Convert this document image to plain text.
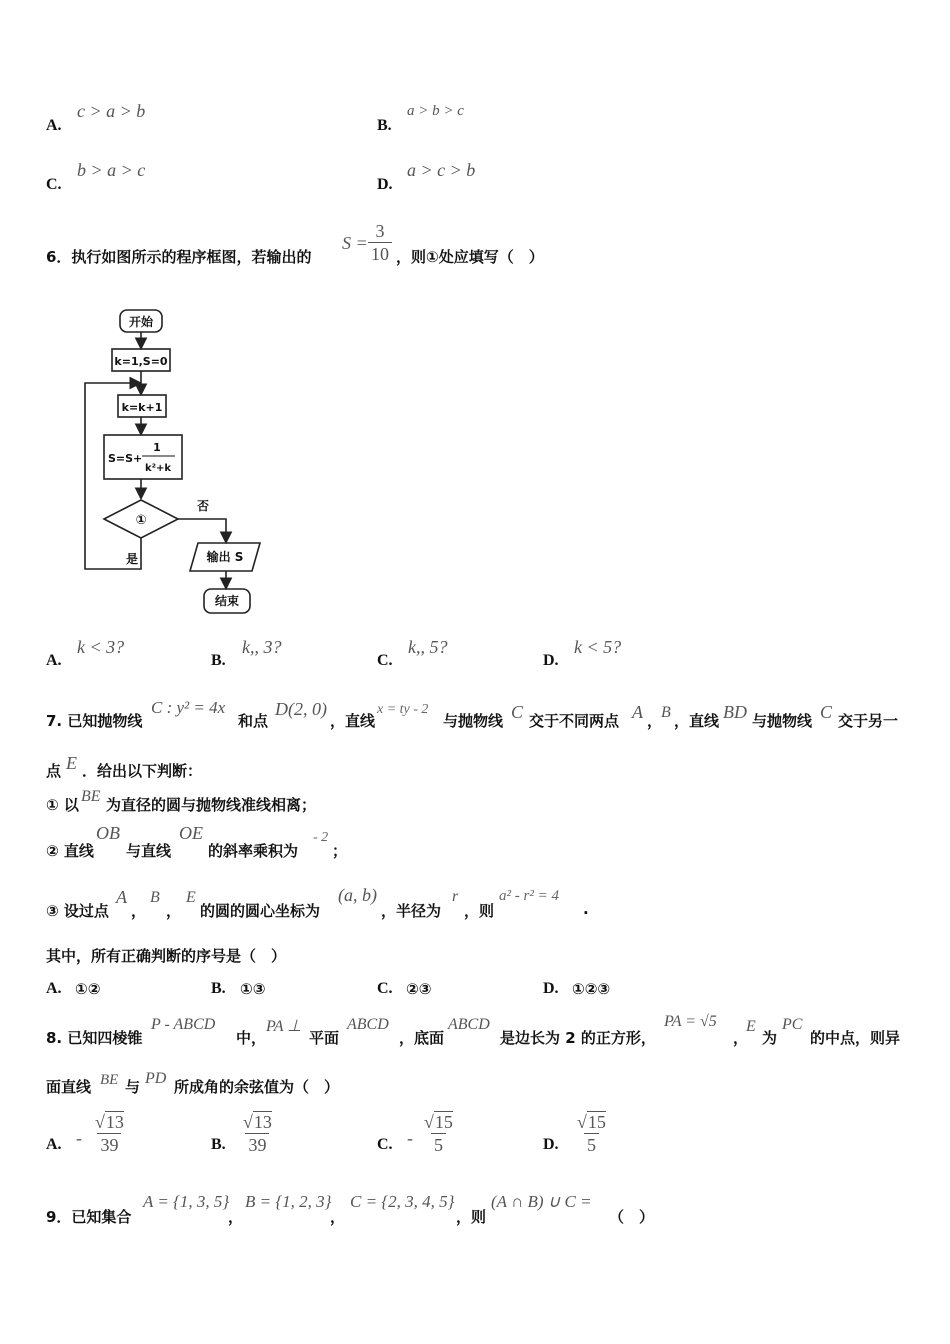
A.
c > a > b
B.
a > b > c
C.
b > a > c
D.
a > c > b
6．执行如图所示的程序框图，若输出的
$S = \frac{3}{10}$ ，则①处应填写（　）
开始
k=1,S=0
k=k+1
S=S+
1
k²+k
①
否
是	输出 S
结束
A.
k < 3?
B.
k,, 3?
C.
k,, 5?
D.
k < 5?
7. 已知抛物线
C : y² = 4x
和点
D(2, 0)
，直线
x = ty - 2
与抛物线 C 交于不同两点 A ，
B ，直线 BD 与抛物线 C 交于另一
点 E ．给出以下判断：
① 以 BE 为直径的圆与抛物线准线相离；
② 直线
OB
与直线
OE
的斜率乘积为
- 2
；
③ 设过点
A
，
B
，
E
的圆的圆心坐标为
(a, b)
，半径为
r
，则
a² - r² = 4
.
其中，所有正确判断的序号是（　）
A. ①②	B. ①③	C. ②③	D. ①②③
8. 已知四棱锥
P - ABCD
中，
PA ⊥
平面
ABCD
，底面
ABCD
是边长为 2 的正方形，
PA = √5
，
E
为
PC
的中点，则异
面直线 BE 与 PD 所成角的余弦值为（　）
A. - $\frac{√13}{39}$	B. $\frac{√13}{39}$	C. - $\frac{√15}{5}$	D. $\frac{√15}{5}$
9．已知集合
A = {1, 3, 5}
，
B = {1, 2, 3}
，
C = {2, 3, 4, 5}
，则
(A ∩ B) ∪ C =
（　）
